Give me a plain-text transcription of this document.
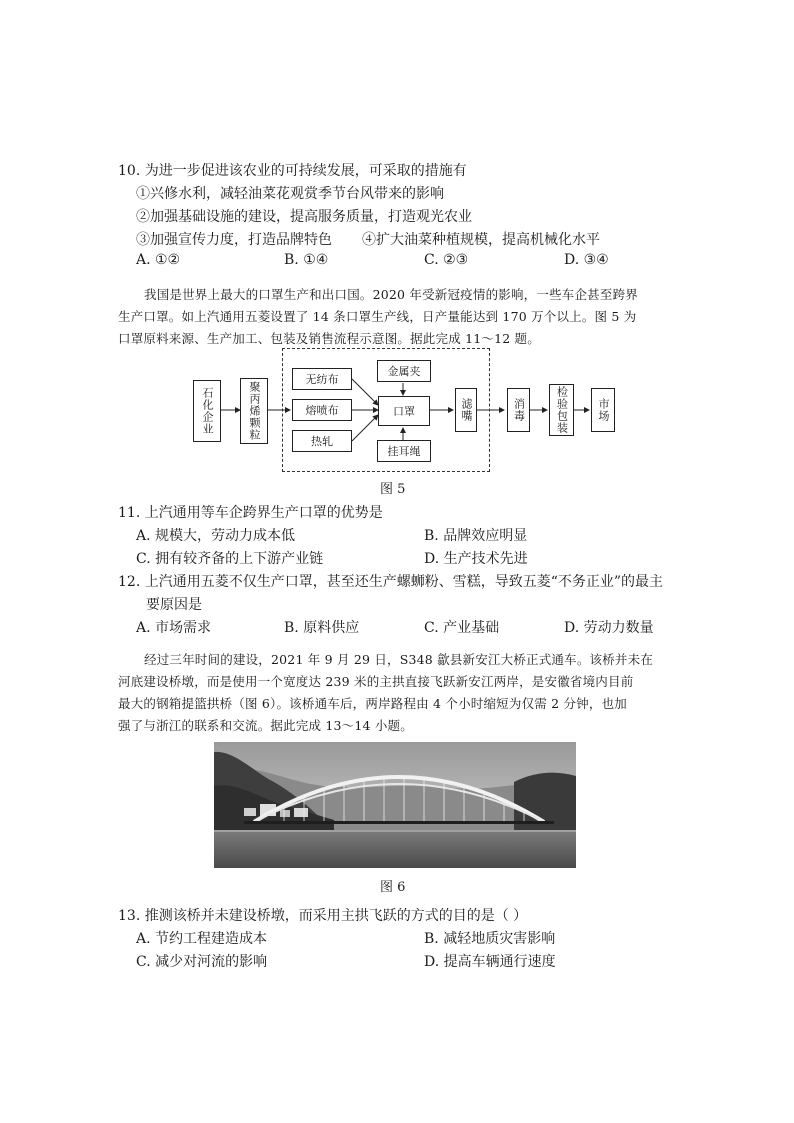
10. 为进一步促进该农业的可持续发展，可采取的措施有
①兴修水利，减轻油菜花观赏季节台风带来的影响
②加强基础设施的建设，提高服务质量，打造观光农业
③加强宣传力度，打造品牌特色 ④扩大油菜种植规模，提高机械化水平
A. ①②	B. ①④	C. ②③	D. ③④
我国是世界上最大的口罩生产和出口国。2020 年受新冠疫情的影响，一些车企甚至跨界
生产口罩。如上汽通用五菱设置了 14 条口罩生产线，日产量能达到 170 万个以上。图 5 为
口罩原料来源、生产加工、包装及销售流程示意图。据此完成 11～12 题。
石化企业	聚丙烯颗粒
无纺布
熔喷布
热轧
金属夹
口罩
挂耳绳
滤嘴	消毒	检验包装	市场
图 5
11. 上汽通用等车企跨界生产口罩的优势是
A. 规模大，劳动力成本低	B. 品牌效应明显
C. 拥有较齐备的上下游产业链	D. 生产技术先进
12. 上汽通用五菱不仅生产口罩，甚至还生产螺蛳粉、雪糕，导致五菱“不务正业”的最主
要原因是
A. 市场需求	B. 原料供应	C. 产业基础	D. 劳动力数量
经过三年时间的建设，2021 年 9 月 29 日，S348 歙县新安江大桥正式通车。该桥并未在
河底建设桥墩，而是使用一个宽度达 239 米的主拱直接飞跃新安江两岸，是安徽省境内目前
最大的钢箱提篮拱桥（图 6）。该桥通车后，两岸路程由 4 个小时缩短为仅需 2 分钟，也加
强了与浙江的联系和交流。据此完成 13～14 小题。
图 6
13. 推测该桥并未建设桥墩，而采用主拱飞跃的方式的目的是（ ）
A. 节约工程建造成本	B. 减轻地质灾害影响
C. 减少对河流的影响	D. 提高车辆通行速度
